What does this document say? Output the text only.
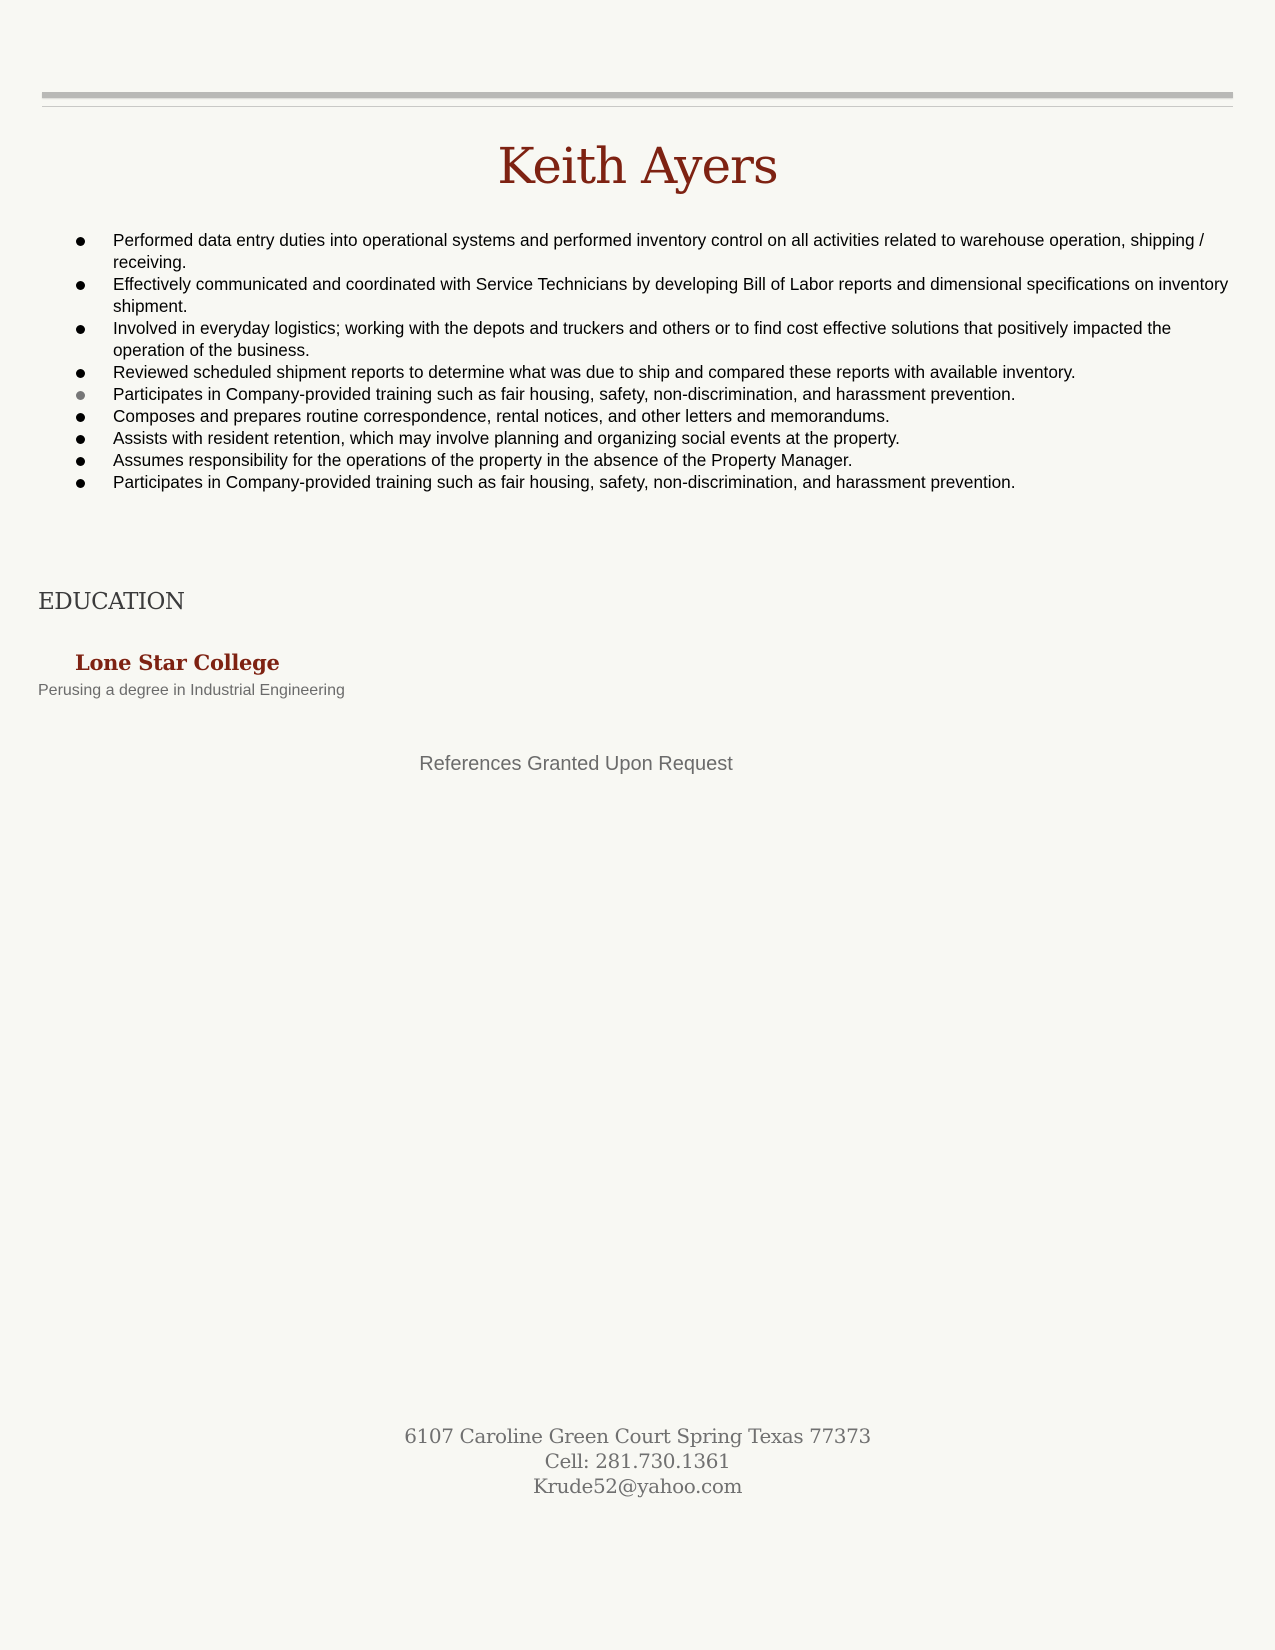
Keith Ayers
Performed data entry duties into operational systems and performed inventory control on all activities related to warehouse operation, shipping / receiving.
Effectively communicated and coordinated with Service Technicians by developing Bill of Labor reports and dimensional specifications on inventory shipment.
Involved in everyday logistics; working with the depots and truckers and others or to find cost effective solutions that positively impacted the operation of the business.
Reviewed scheduled shipment reports to determine what was due to ship and compared these reports with available inventory.
Participates in Company-provided training such as fair housing, safety, non-discrimination, and harassment prevention.
Composes and prepares routine correspondence, rental notices, and other letters and memorandums.
Assists with resident retention, which may involve planning and organizing social events at the property.
Assumes responsibility for the operations of the property in the absence of the Property Manager.
Participates in Company-provided training such as fair housing, safety, non-discrimination, and harassment prevention.
EDUCATION
Lone Star College
Perusing a degree in Industrial Engineering
References Granted Upon Request
6107 Caroline Green Court Spring Texas 77373
Cell: 281.730.1361
Krude52@yahoo.com
